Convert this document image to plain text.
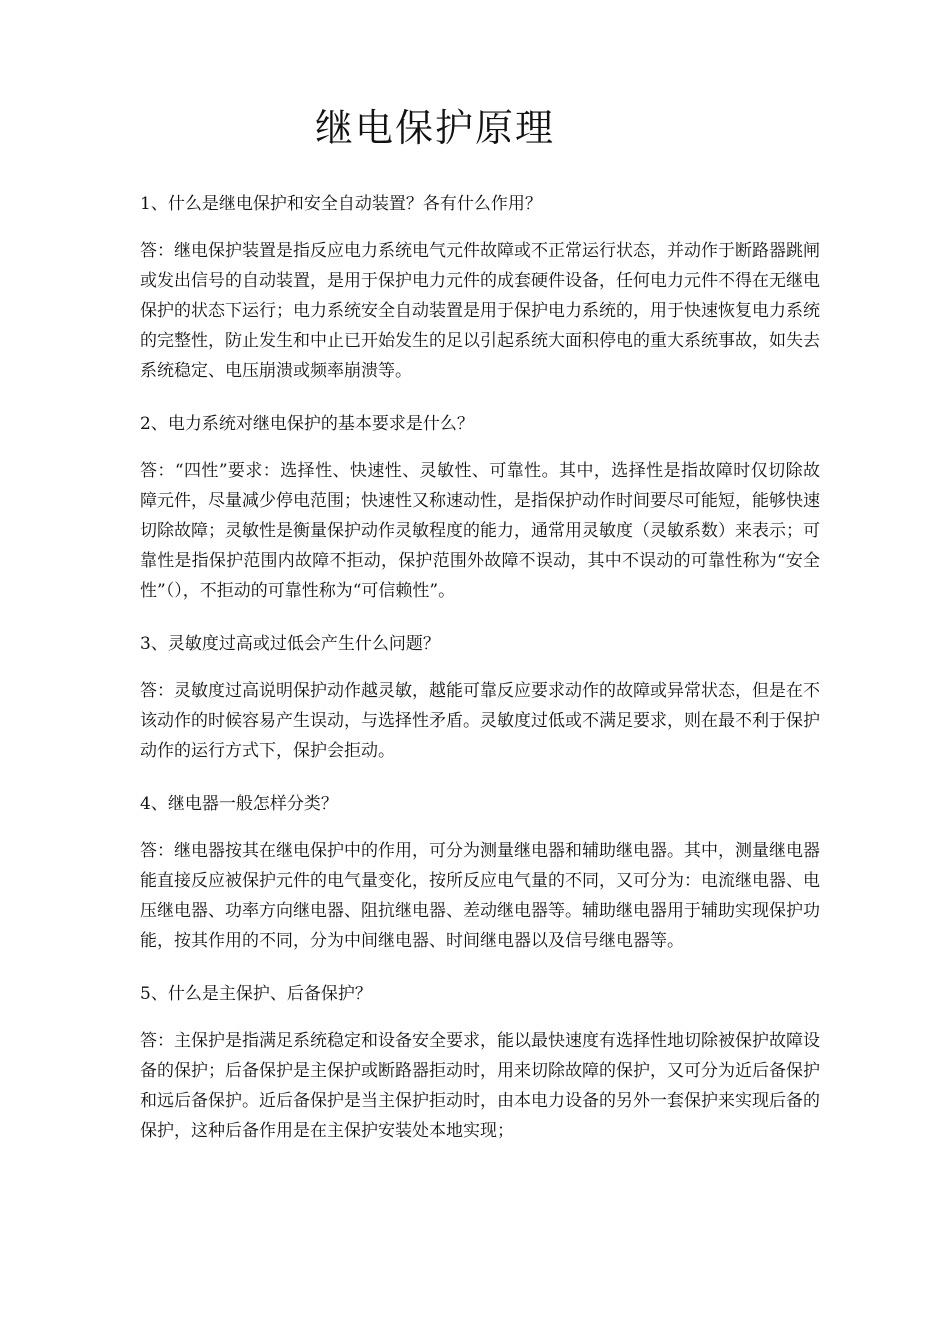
继电保护原理

1、什么是继电保护和安全自动装置？各有什么作用？

答：继电保护装置是指反应电力系统电气元件故障或不正常运行状态，并动作于断路器跳闸或发出信号的自动装置，是用于保护电力元件的成套硬件设备，任何电力元件不得在无继电保护的状态下运行；电力系统安全自动装置是用于保护电力系统的，用于快速恢复电力系统的完整性，防止发生和中止已开始发生的足以引起系统大面积停电的重大系统事故，如失去系统稳定、电压崩溃或频率崩溃等。

2、电力系统对继电保护的基本要求是什么？

答：“四性”要求：选择性、快速性、灵敏性、可靠性。其中，选择性是指故障时仅切除故障元件，尽量减少停电范围；快速性又称速动性，是指保护动作时间要尽可能短，能够快速切除故障；灵敏性是衡量保护动作灵敏程度的能力，通常用灵敏度（灵敏系数）来表示；可靠性是指保护范围内故障不拒动，保护范围外故障不误动，其中不误动的可靠性称为“安全性”（），不拒动的可靠性称为“可信赖性”。

3、灵敏度过高或过低会产生什么问题？

答：灵敏度过高说明保护动作越灵敏，越能可靠反应要求动作的故障或异常状态，但是在不该动作的时候容易产生误动，与选择性矛盾。灵敏度过低或不满足要求，则在最不利于保护动作的运行方式下，保护会拒动。

4、继电器一般怎样分类？

答：继电器按其在继电保护中的作用，可分为测量继电器和辅助继电器。其中，测量继电器能直接反应被保护元件的电气量变化，按所反应电气量的不同，又可分为：电流继电器、电压继电器、功率方向继电器、阻抗继电器、差动继电器等。辅助继电器用于辅助实现保护功能，按其作用的不同，分为中间继电器、时间继电器以及信号继电器等。

5、什么是主保护、后备保护？

答：主保护是指满足系统稳定和设备安全要求，能以最快速度有选择性地切除被保护故障设备的保护；后备保护是主保护或断路器拒动时，用来切除故障的保护，又可分为近后备保护和远后备保护。近后备保护是当主保护拒动时，由本电力设备的另外一套保护来实现后备的保护，这种后备作用是在主保护安装处本地实现；
